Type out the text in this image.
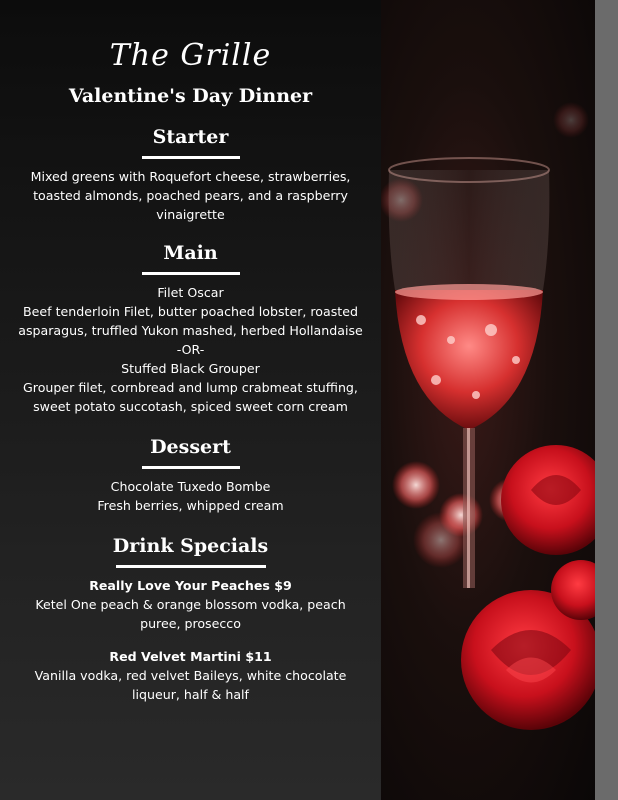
The Grille
Valentine's Day Dinner
Starter

Mixed greens with Roquefort cheese, strawberries, toasted almonds, poached pears, and a raspberry vinaigrette

Main

Filet Oscar

Beef tenderloin Filet, butter poached lobster, roasted asparagus, truffled Yukon mashed, herbed Hollandaise

-OR-

Stuffed Black Grouper

Grouper filet, cornbread and lump crabmeat stuffing, sweet potato succotash, spiced sweet corn cream

Dessert

Chocolate Tuxedo Bombe

Fresh berries, whipped cream

Drink Specials

Really Love Your Peaches $9

Ketel One peach & orange blossom vodka, peach puree, prosecco

Red Velvet Martini $11

Vanilla vodka, red velvet Baileys, white chocolate liqueur, half & half
